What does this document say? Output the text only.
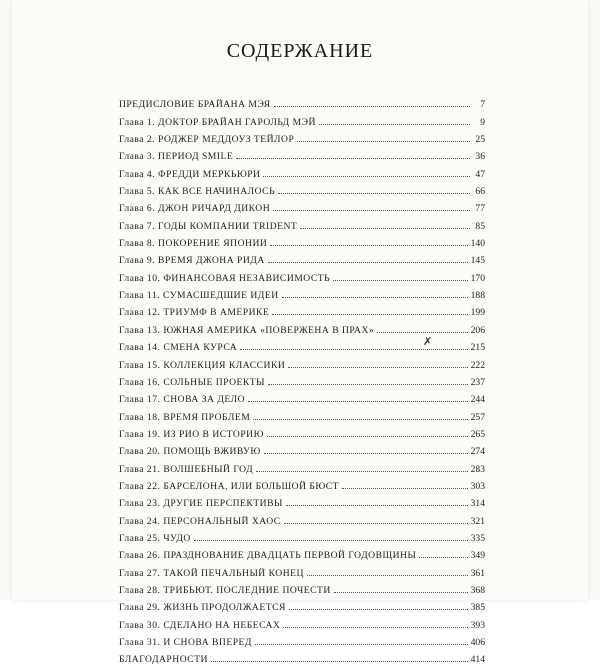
СОДЕРЖАНИЕ
ПРЕДИСЛОВИЕ БРАЙАНА МЭЯ	7
Глава 1. ДОКТОР БРАЙАН ГАРОЛЬД МЭЙ	9
Глава 2. РОДЖЕР МЕДДОУЗ ТЕЙЛОР	25
Глава 3. ПЕРИОД SMILE	36
Глава 4. ФРЕДДИ МЕРКЬЮРИ	47
Глава 5. КАК ВСЕ НАЧИНАЛОСЬ	66
Глава 6. ДЖОН РИЧАРД ДИКОН	77
Глава 7. ГОДЫ КОМПАНИИ TRIDENT	85
Глава 8. ПОКОРЕНИЕ ЯПОНИИ	140
Глава 9. ВРЕМЯ ДЖОНА РИДА	145
Глава 10. ФИНАНСОВАЯ НЕЗАВИСИМОСТЬ	170
Глава 11. СУМАСШЕДШИЕ ИДЕИ	188
Глава 12. ТРИУМФ В АМЕРИКЕ	199
Глава 13. ЮЖНАЯ АМЕРИКА «ПОВЕРЖЕНА В ПРАХ»	206
Глава 14. СМЕНА КУРСА	215
Глава 15. КОЛЛЕКЦИЯ КЛАССИКИ	222
Глава 16. СОЛЬНЫЕ ПРОЕКТЫ	237
Глава 17. СНОВА ЗА ДЕЛО	244
Глава 18. ВРЕМЯ ПРОБЛЕМ	257
Глава 19. ИЗ РИО В ИСТОРИЮ	265
Глава 20. ПОМОЩЬ ВЖИВУЮ	274
Глава 21. ВОЛШЕБНЫЙ ГОД	283
Глава 22. БАРСЕЛОНА, ИЛИ БОЛЬШОЙ БЮСТ	303
Глава 23. ДРУГИЕ ПЕРСПЕКТИВЫ	314
Глава 24. ПЕРСОНАЛЬНЫЙ ХАОС	321
Глава 25. ЧУДО	335
Глава 26. ПРАЗДНОВАНИЕ ДВАДЦАТЬ ПЕРВОЙ ГОДОВЩИНЫ	349
Глава 27. ТАКОЙ ПЕЧАЛЬНЫЙ КОНЕЦ	361
Глава 28. ТРИБЬЮТ. ПОСЛЕДНИЕ ПОЧЕСТИ	368
Глава 29. ЖИЗНЬ ПРОДОЛЖАЕТСЯ	385
Глава 30. СДЕЛАНО НА НЕБЕСАХ	393
Глава 31. И СНОВА ВПЕРЕД	406
БЛАГОДАРНОСТИ	414
✗
